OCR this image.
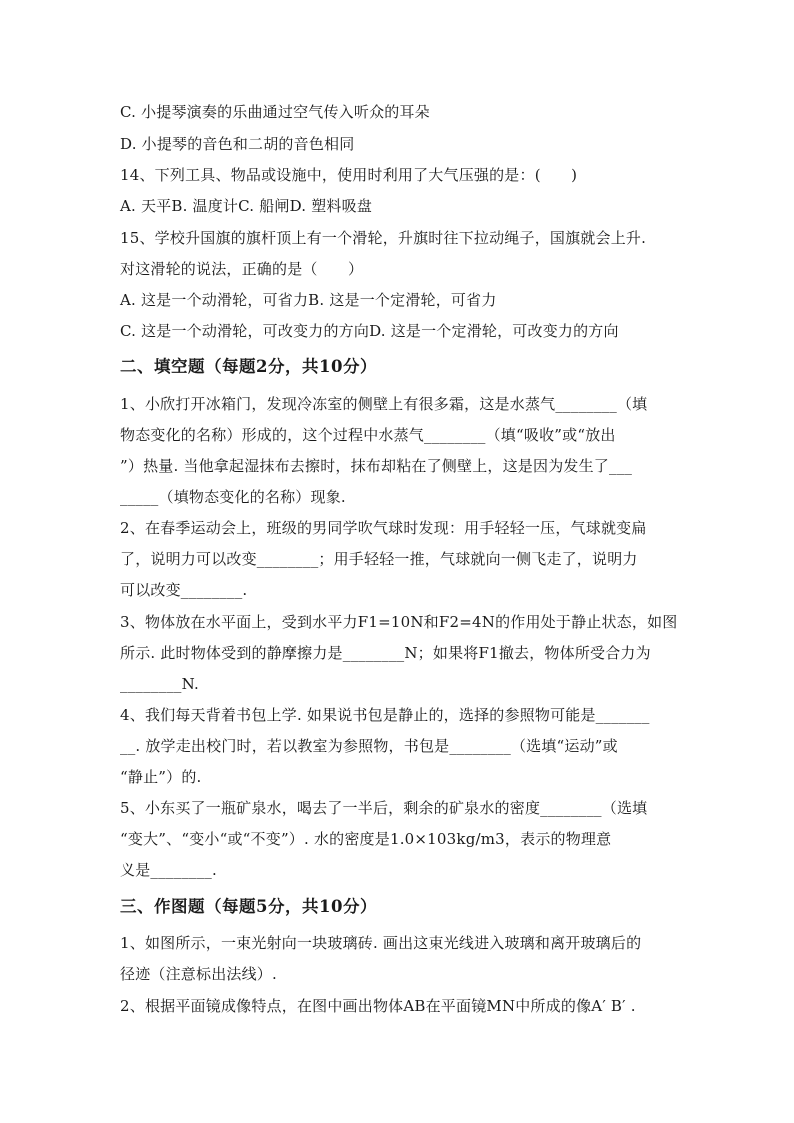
C. 小提琴演奏的乐曲通过空气传入听众的耳朵
D. 小提琴的音色和二胡的音色相同
14、下列工具、物品或设施中，使用时利用了大气压强的是：(　　)
A. 天平B. 温度计C. 船闸D. 塑料吸盘
15、学校升国旗的旗杆顶上有一个滑轮，升旗时往下拉动绳子，国旗就会上升.
对这滑轮的说法，正确的是（　　）
A. 这是一个动滑轮，可省力B. 这是一个定滑轮，可省力
C. 这是一个动滑轮，可改变力的方向D. 这是一个定滑轮，可改变力的方向
二、填空题（每题2分，共10分）
1、小欣打开冰箱门，发现冷冻室的侧壁上有很多霜，这是水蒸气________（填
物态变化的名称）形成的，这个过程中水蒸气________（填“吸收”或“放出
”）热量. 当他拿起湿抹布去擦时，抹布却粘在了侧壁上，这是因为发生了___
_____（填物态变化的名称）现象.
2、在春季运动会上，班级的男同学吹气球时发现：用手轻轻一压，气球就变扁
了，说明力可以改变________；用手轻轻一推，气球就向一侧飞走了，说明力
可以改变________.
3、物体放在水平面上，受到水平力F1=10N和F2=4N的作用处于静止状态，如图
所示. 此时物体受到的静摩擦力是________N；如果将F1撤去，物体所受合力为
________N.
4、我们每天背着书包上学. 如果说书包是静止的，选择的参照物可能是_______
__. 放学走出校门时，若以教室为参照物，书包是________（选填“运动”或
“静止”）的.
5、小东买了一瓶矿泉水，喝去了一半后，剩余的矿泉水的密度________（选填
“变大”、“变小“或“不变”）. 水的密度是1.0×103kg/m3，表示的物理意
义是________.
三、作图题（每题5分，共10分）
1、如图所示，一束光射向一块玻璃砖. 画出这束光线进入玻璃和离开玻璃后的
径迹（注意标出法线）.
2、根据平面镜成像特点，在图中画出物体AB在平面镜MN中所成的像A′ B′ .
